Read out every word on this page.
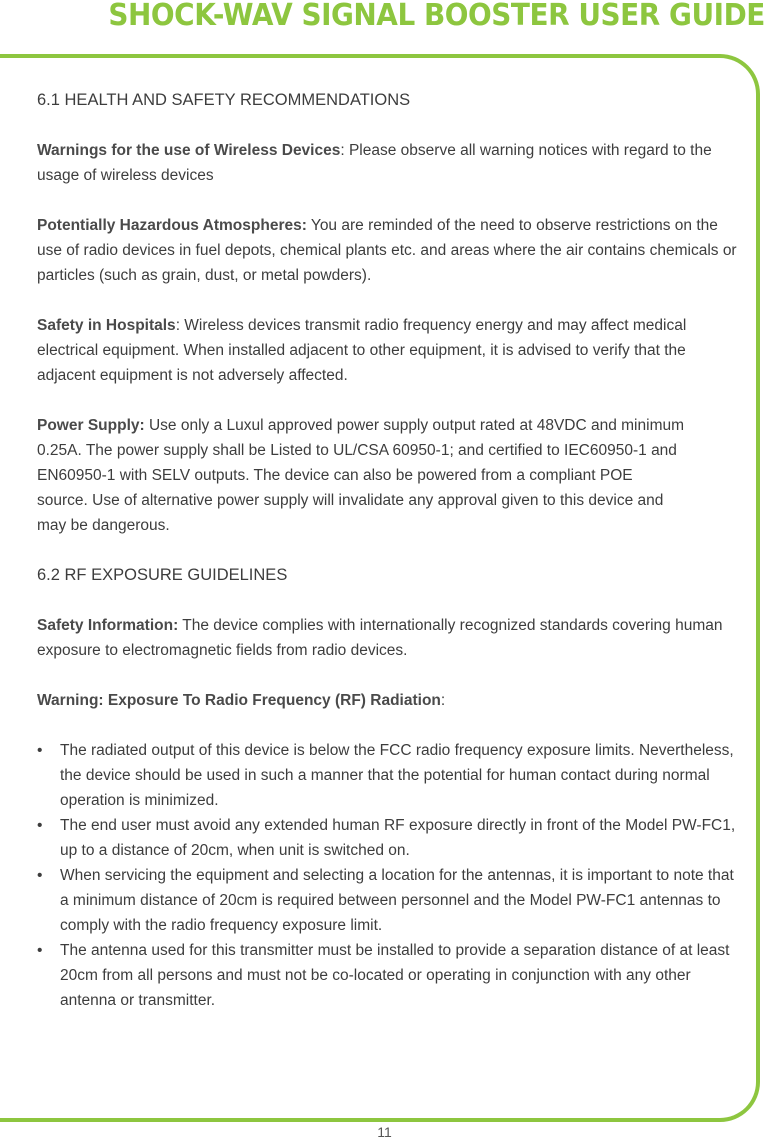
SHOCK-WAV SIGNAL BOOSTER USER GUIDE
6.1 HEALTH AND SAFETY RECOMMENDATIONS

Warnings for the use of Wireless Devices: Please observe all warning notices with regard to the usage of wireless devices

Potentially Hazardous Atmospheres: You are reminded of the need to observe restrictions on the use of radio devices in fuel depots, chemical plants etc. and areas where the air contains chemicals or particles (such as grain, dust, or metal powders).

Safety in Hospitals: Wireless devices transmit radio frequency energy and may affect medical electrical equipment. When installed adjacent to other equipment, it is advised to verify that the adjacent equipment is not adversely affected.

Power Supply: Use only a Luxul approved power supply output rated at 48VDC and minimum 0.25A. The power supply shall be Listed to UL/CSA 60950-1; and certified to IEC60950-1 and EN60950-1 with SELV outputs. The device can also be powered from a compliant POE source. Use of alternative power supply will invalidate any approval given to this device and may be dangerous.

6.2 RF EXPOSURE GUIDELINES

Safety Information: The device complies with internationally recognized standards covering human exposure to electromagnetic fields from radio devices.

Warning: Exposure To Radio Frequency (RF) Radiation:

• The radiated output of this device is below the FCC radio frequency exposure limits. Nevertheless, the device should be used in such a manner that the potential for human contact during normal operation is minimized.
• The end user must avoid any extended human RF exposure directly in front of the Model PW-FC1, up to a distance of 20cm, when unit is switched on.
• When servicing the equipment and selecting a location for the antennas, it is important to note that a minimum distance of 20cm is required between personnel and the Model PW-FC1 antennas to comply with the radio frequency exposure limit.
• The antenna used for this transmitter must be installed to provide a separation distance of at least 20cm from all persons and must not be co-located or operating in conjunction with any other antenna or transmitter.
11
